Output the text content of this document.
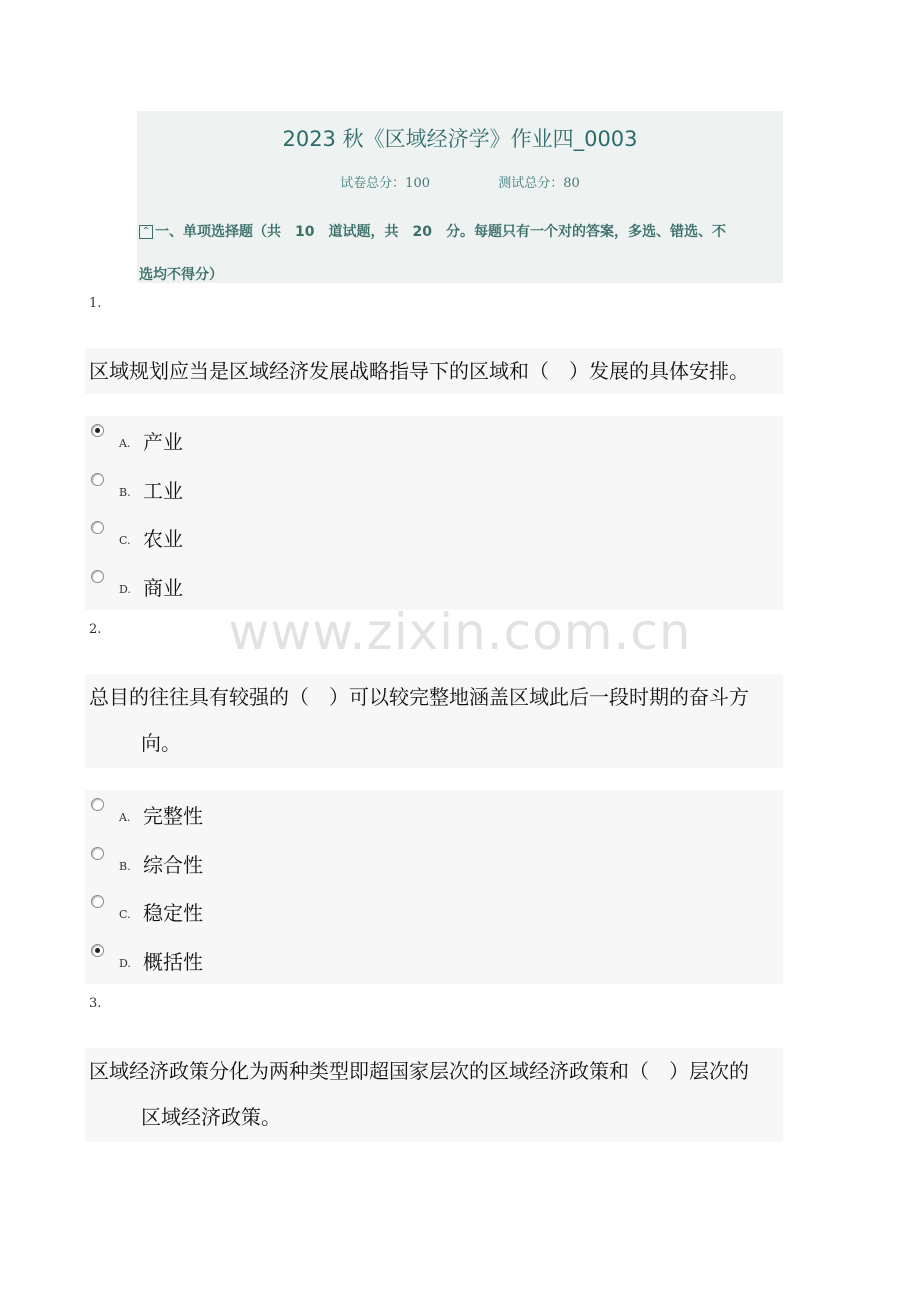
2023 秋《区域经济学》作业四_0003
试卷总分：100	测试总分：80
⌃ 一、单项选择题（共　10　道试题，共　20　分。每题只有一个对的答案，多选、错选、不
选均不得分）
1.
区域规划应当是区域经济发展战略指导下的区域和（　）发展的具体安排。
A. 产业
B. 工业
C. 农业
D. 商业
2.
总目的往往具有较强的（　）可以较完整地涵盖区域此后一段时期的奋斗方
向。
A. 完整性
B. 综合性
C. 稳定性
D. 概括性
3.
区域经济政策分化为两种类型即超国家层次的区域经济政策和（　）层次的
区域经济政策。
www.zixin.com.cn
